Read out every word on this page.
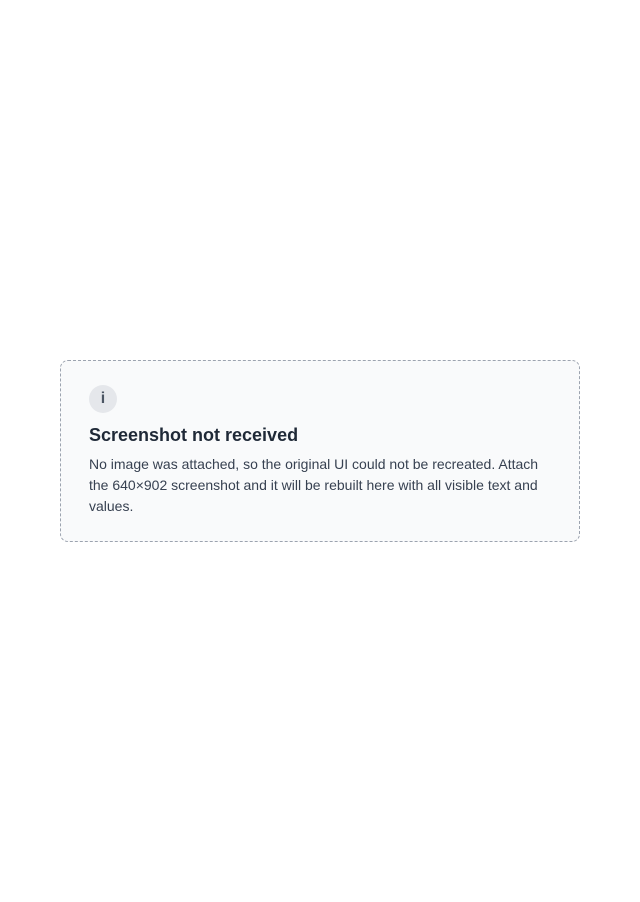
i
Screenshot not received

No image was attached, so the original UI could not be recreated. Attach the 640×902 screenshot and it will be rebuilt here with all visible text and values.
